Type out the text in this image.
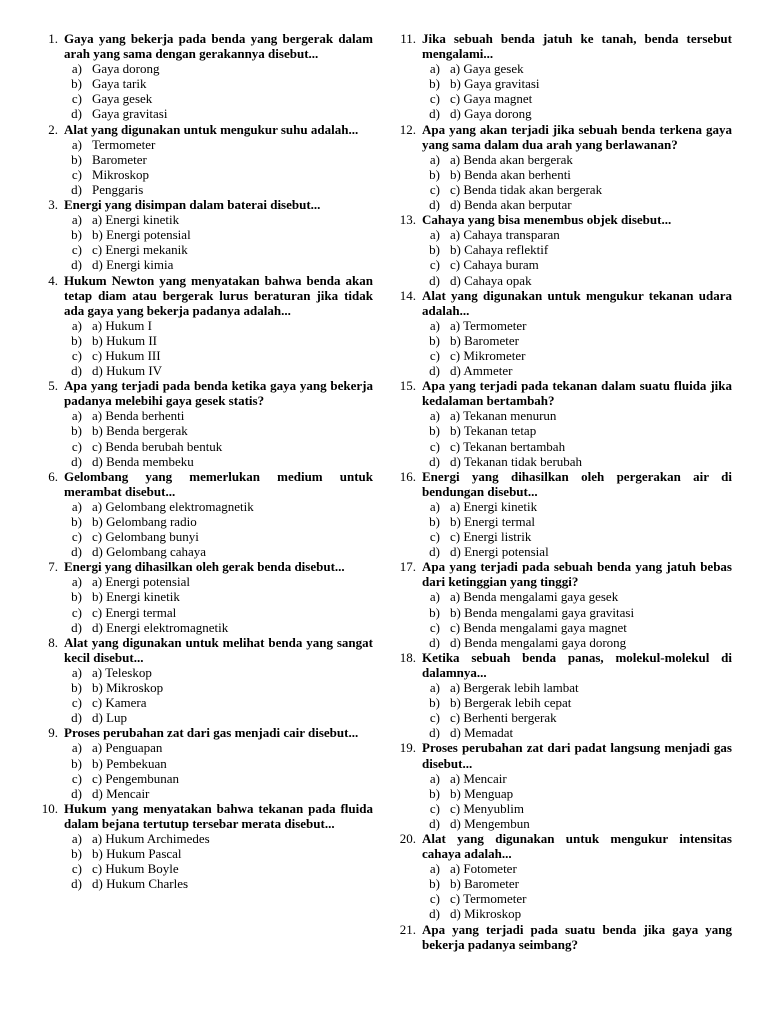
1. Gaya yang bekerja pada benda yang bergerak dalam arah yang sama dengan gerakannya disebut...
a) Gaya dorong
b) Gaya tarik
c) Gaya gesek
d) Gaya gravitasi
2. Alat yang digunakan untuk mengukur suhu adalah...
a) Termometer
b) Barometer
c) Mikroskop
d) Penggaris
3. Energi yang disimpan dalam baterai disebut...
a) a) Energi kinetik
b) b) Energi potensial
c) c) Energi mekanik
d) d) Energi kimia
4. Hukum Newton yang menyatakan bahwa benda akan tetap diam atau bergerak lurus beraturan jika tidak ada gaya yang bekerja padanya adalah...
a) a) Hukum I
b) b) Hukum II
c) c) Hukum III
d) d) Hukum IV
5. Apa yang terjadi pada benda ketika gaya yang bekerja padanya melebihi gaya gesek statis?
a) a) Benda berhenti
b) b) Benda bergerak
c) c) Benda berubah bentuk
d) d) Benda membeku
6. Gelombang yang memerlukan medium untuk merambat disebut...
a) a) Gelombang elektromagnetik
b) b) Gelombang radio
c) c) Gelombang bunyi
d) d) Gelombang cahaya
7. Energi yang dihasilkan oleh gerak benda disebut...
a) a) Energi potensial
b) b) Energi kinetik
c) c) Energi termal
d) d) Energi elektromagnetik
8. Alat yang digunakan untuk melihat benda yang sangat kecil disebut...
a) a) Teleskop
b) b) Mikroskop
c) c) Kamera
d) d) Lup
9. Proses perubahan zat dari gas menjadi cair disebut...
a) a) Penguapan
b) b) Pembekuan
c) c) Pengembunan
d) d) Mencair
10. Hukum yang menyatakan bahwa tekanan pada fluida dalam bejana tertutup tersebar merata disebut...
a) a) Hukum Archimedes
b) b) Hukum Pascal
c) c) Hukum Boyle
d) d) Hukum Charles
11. Jika sebuah benda jatuh ke tanah, benda tersebut mengalami...
a) a) Gaya gesek
b) b) Gaya gravitasi
c) c) Gaya magnet
d) d) Gaya dorong
12. Apa yang akan terjadi jika sebuah benda terkena gaya yang sama dalam dua arah yang berlawanan?
a) a) Benda akan bergerak
b) b) Benda akan berhenti
c) c) Benda tidak akan bergerak
d) d) Benda akan berputar
13. Cahaya yang bisa menembus objek disebut...
a) a) Cahaya transparan
b) b) Cahaya reflektif
c) c) Cahaya buram
d) d) Cahaya opak
14. Alat yang digunakan untuk mengukur tekanan udara adalah...
a) a) Termometer
b) b) Barometer
c) c) Mikrometer
d) d) Ammeter
15. Apa yang terjadi pada tekanan dalam suatu fluida jika kedalaman bertambah?
a) a) Tekanan menurun
b) b) Tekanan tetap
c) c) Tekanan bertambah
d) d) Tekanan tidak berubah
16. Energi yang dihasilkan oleh pergerakan air di bendungan disebut...
a) a) Energi kinetik
b) b) Energi termal
c) c) Energi listrik
d) d) Energi potensial
17. Apa yang terjadi pada sebuah benda yang jatuh bebas dari ketinggian yang tinggi?
a) a) Benda mengalami gaya gesek
b) b) Benda mengalami gaya gravitasi
c) c) Benda mengalami gaya magnet
d) d) Benda mengalami gaya dorong
18. Ketika sebuah benda panas, molekul-molekul di dalamnya...
a) a) Bergerak lebih lambat
b) b) Bergerak lebih cepat
c) c) Berhenti bergerak
d) d) Memadat
19. Proses perubahan zat dari padat langsung menjadi gas disebut...
a) a) Mencair
b) b) Menguap
c) c) Menyublim
d) d) Mengembun
20. Alat yang digunakan untuk mengukur intensitas cahaya adalah...
a) a) Fotometer
b) b) Barometer
c) c) Termometer
d) d) Mikroskop
21. Apa yang terjadi pada suatu benda jika gaya yang bekerja padanya seimbang?
